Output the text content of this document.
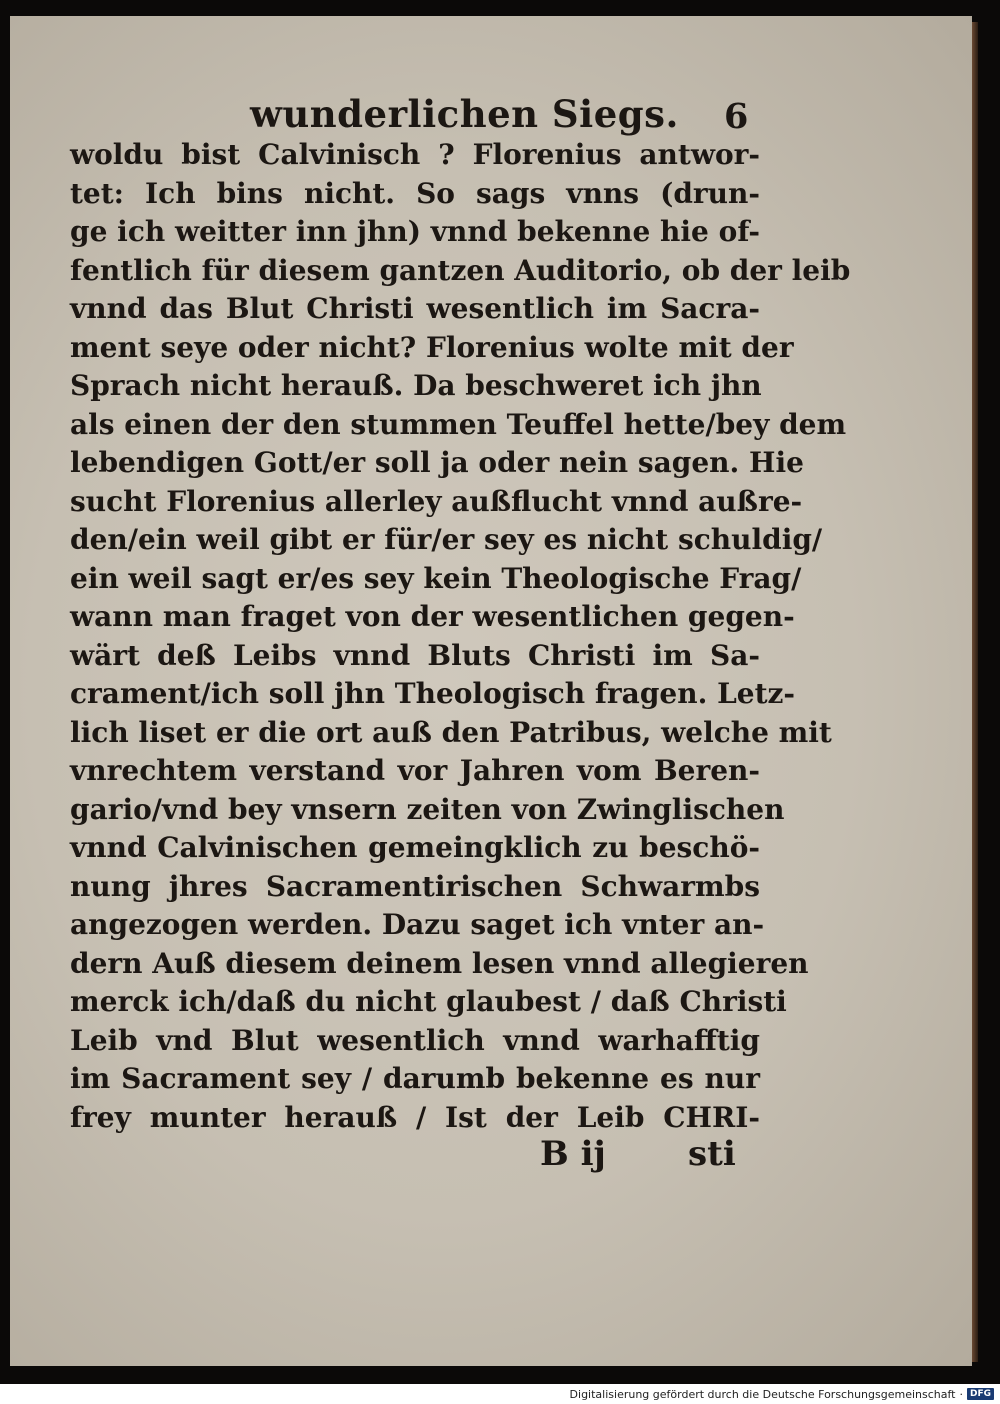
wunderlichen Siegs. 6
woldu bist Calvinisch ? Florenius antwor-
tet: Ich bins nicht. So sags vnns (drun-
ge ich weitter inn jhn) vnnd bekenne hie of-
fentlich für diesem gantzen Auditorio, ob der leib
vnnd das Blut Christi wesentlich im Sacra-
ment seye oder nicht? Florenius wolte mit der
Sprach nicht herauß. Da beschweret ich jhn
als einen der den stummen Teuffel hette/bey dem
lebendigen Gott/er soll ja oder nein sagen. Hie
sucht Florenius allerley außflucht vnnd außre-
den/ein weil gibt er für/er sey es nicht schuldig/
ein weil sagt er/es sey kein Theologische Frag/
wann man fraget von der wesentlichen gegen-
wärt deß Leibs vnnd Bluts Christi im Sa-
crament/ich soll jhn Theologisch fragen. Letz-
lich liset er die ort auß den Patribus, welche mit
vnrechtem verstand vor Jahren vom Beren-
gario/vnd bey vnsern zeiten von Zwinglischen
vnnd Calvinischen gemeingklich zu beschö-
nung jhres Sacramentirischen Schwarmbs
angezogen werden. Dazu saget ich vnter an-
dern Auß diesem deinem lesen vnnd allegieren
merck ich/daß du nicht glaubest / daß Christi
Leib vnd Blut wesentlich vnnd warhafftig
im Sacrament sey / darumb bekenne es nur
frey munter herauß / Ist der Leib CHRI-
B ij sti
Digitalisierung gefördert durch die Deutsche Forschungsgemeinschaft · DFG
